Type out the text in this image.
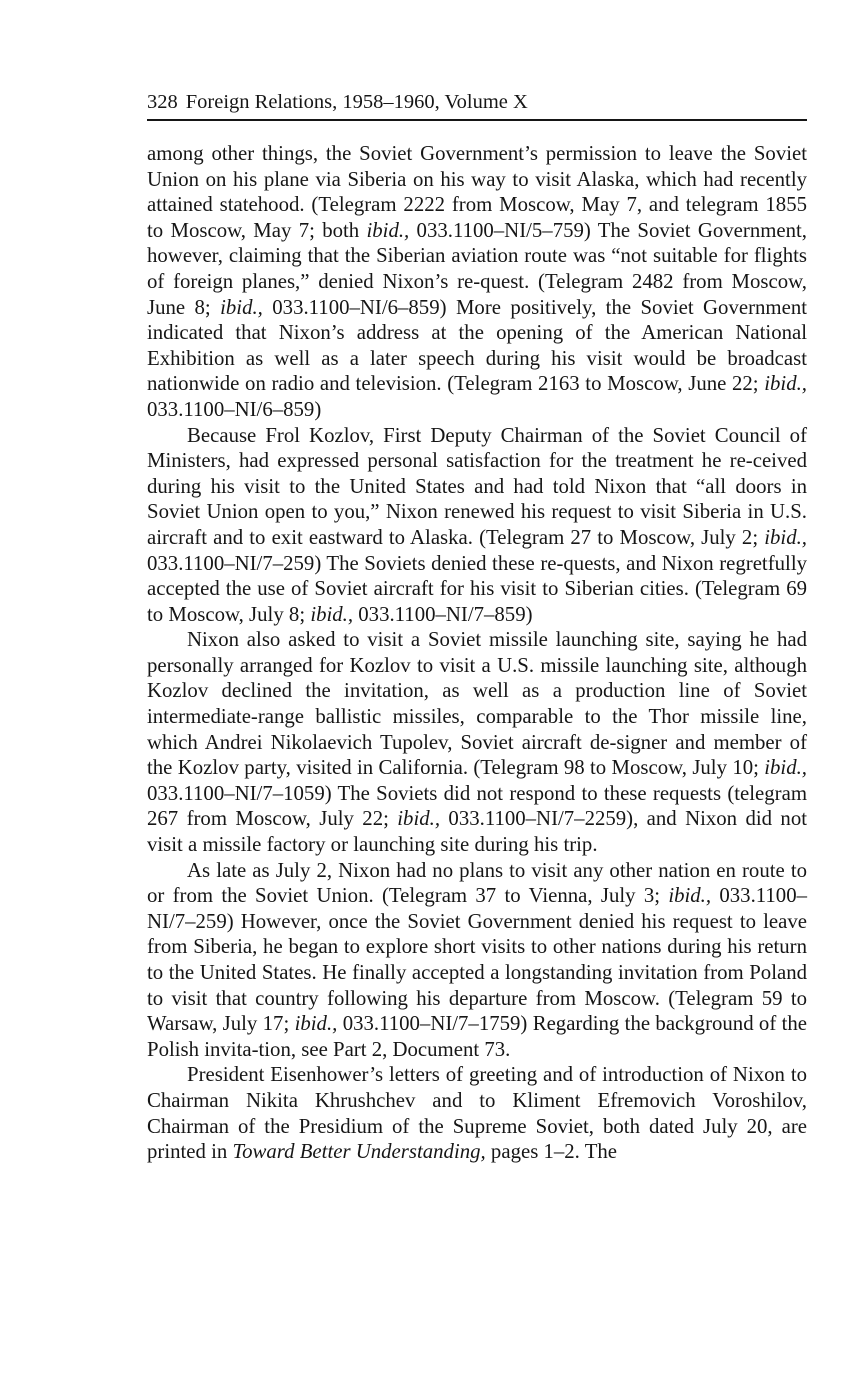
328 Foreign Relations, 1958–1960, Volume X

among other things, the Soviet Government’s permission to leave the Soviet Union on his plane via Siberia on his way to visit Alaska, which had recently attained statehood. (Telegram 2222 from Moscow, May 7, and telegram 1855 to Moscow, May 7; both ibid., 033.1100–NI/5–759) The Soviet Government, however, claiming that the Siberian aviation route was “not suitable for flights of foreign planes,” denied Nixon’s re-quest. (Telegram 2482 from Moscow, June 8; ibid., 033.1100–NI/6–859) More positively, the Soviet Government indicated that Nixon’s address at the opening of the American National Exhibition as well as a later speech during his visit would be broadcast nationwide on radio and television. (Telegram 2163 to Moscow, June 22; ibid., 033.1100–NI/6–859)

Because Frol Kozlov, First Deputy Chairman of the Soviet Council of Ministers, had expressed personal satisfaction for the treatment he re-ceived during his visit to the United States and had told Nixon that “all doors in Soviet Union open to you,” Nixon renewed his request to visit Siberia in U.S. aircraft and to exit eastward to Alaska. (Telegram 27 to Moscow, July 2; ibid., 033.1100–NI/7–259) The Soviets denied these re-quests, and Nixon regretfully accepted the use of Soviet aircraft for his visit to Siberian cities. (Telegram 69 to Moscow, July 8; ibid., 033.1100–NI/7–859)

Nixon also asked to visit a Soviet missile launching site, saying he had personally arranged for Kozlov to visit a U.S. missile launching site, although Kozlov declined the invitation, as well as a production line of Soviet intermediate-range ballistic missiles, comparable to the Thor missile line, which Andrei Nikolaevich Tupolev, Soviet aircraft de-signer and member of the Kozlov party, visited in California. (Telegram 98 to Moscow, July 10; ibid., 033.1100–NI/7–1059) The Soviets did not respond to these requests (telegram 267 from Moscow, July 22; ibid., 033.1100–NI/7–2259), and Nixon did not visit a missile factory or launching site during his trip.

As late as July 2, Nixon had no plans to visit any other nation en route to or from the Soviet Union. (Telegram 37 to Vienna, July 3; ibid., 033.1100–NI/7–259) However, once the Soviet Government denied his request to leave from Siberia, he began to explore short visits to other nations during his return to the United States. He finally accepted a longstanding invitation from Poland to visit that country following his departure from Moscow. (Telegram 59 to Warsaw, July 17; ibid., 033.1100–NI/7–1759) Regarding the background of the Polish invita-tion, see Part 2, Document 73.

President Eisenhower’s letters of greeting and of introduction of Nixon to Chairman Nikita Khrushchev and to Kliment Efremovich Voroshilov, Chairman of the Presidium of the Supreme Soviet, both dated July 20, are printed in Toward Better Understanding, pages 1–2. The
